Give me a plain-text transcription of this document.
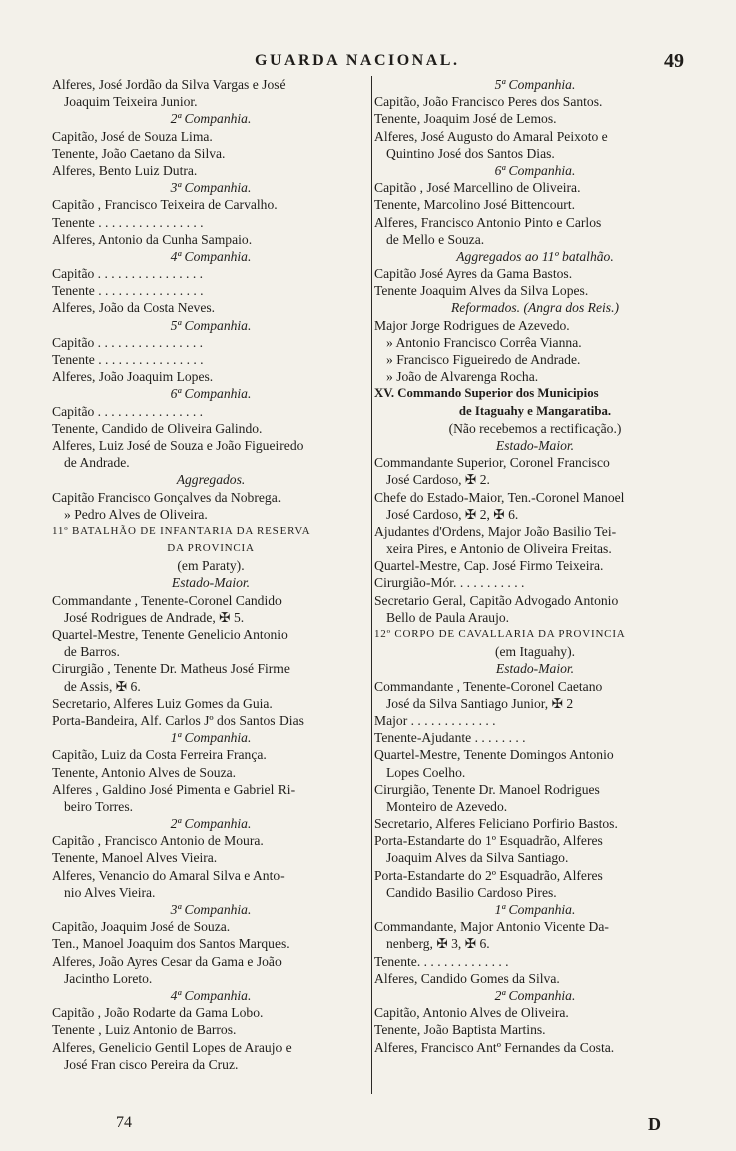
GUARDA NACIONAL.	49
Alferes, José Jordão da Silva Vargas e José
Joaquim Teixeira Junior.
2ª Companhia.
Capitão, José de Souza Lima.
Tenente, João Caetano da Silva.
Alferes, Bento Luiz Dutra.
3ª Companhia.
Capitão , Francisco Teixeira de Carvalho.
Tenente . . . . . . . . . . . . . . . .
Alferes, Antonio da Cunha Sampaio.
4ª Companhia.
Capitão . . . . . . . . . . . . . . . .
Tenente . . . . . . . . . . . . . . . .
Alferes, João da Costa Neves.
5ª Companhia.
Capitão . . . . . . . . . . . . . . . .
Tenente . . . . . . . . . . . . . . . .
Alferes, João Joaquim Lopes.
6ª Companhia.
Capitão . . . . . . . . . . . . . . . .
Tenente, Candido de Oliveira Galindo.
Alferes, Luiz José de Souza e João Figueiredo
de Andrade.
Aggregados.
Capitão Francisco Gonçalves da Nobrega.
» Pedro Alves de Oliveira.
11º BATALHÃO DE INFANTARIA DA RESERVA
DA PROVINCIA
(em Paraty).
Estado-Maior.
Commandante , Tenente-Coronel Candido
José Rodrigues de Andrade, ✠ 5.
Quartel-Mestre, Tenente Genelicio Antonio
de Barros.
Cirurgião , Tenente Dr. Matheus José Firme
de Assis, ✠ 6.
Secretario, Alferes Luiz Gomes da Guia.
Porta-Bandeira, Alf. Carlos Jº dos Santos Dias
1ª Companhia.
Capitão, Luiz da Costa Ferreira França.
Tenente, Antonio Alves de Souza.
Alferes , Galdino José Pimenta e Gabriel Ri-
beiro Torres.
2ª Companhia.
Capitão , Francisco Antonio de Moura.
Tenente, Manoel Alves Vieira.
Alferes, Venancio do Amaral Silva e Anto-
nio Alves Vieira.
3ª Companhia.
Capitão, Joaquim José de Souza.
Ten., Manoel Joaquim dos Santos Marques.
Alferes, João Ayres Cesar da Gama e João
Jacintho Loreto.
4ª Companhia.
Capitão , João Rodarte da Gama Lobo.
Tenente , Luiz Antonio de Barros.
Alferes, Genelicio Gentil Lopes de Araujo e
José Fran cisco Pereira da Cruz.
5ª Companhia.
Capitão, João Francisco Peres dos Santos.
Tenente, Joaquim José de Lemos.
Alferes, José Augusto do Amaral Peixoto e
Quintino José dos Santos Dias.
6ª Companhia.
Capitão , José Marcellino de Oliveira.
Tenente, Marcolino José Bittencourt.
Alferes, Francisco Antonio Pinto e Carlos
de Mello e Souza.
Aggregados ao 11º batalhão.
Capitão José Ayres da Gama Bastos.
Tenente Joaquim Alves da Silva Lopes.
Reformados. (Angra dos Reis.)
Major Jorge Rodrigues de Azevedo.
» Antonio Francisco Corrêa Vianna.
» Francisco Figueiredo de Andrade.
» João de Alvarenga Rocha.
XV. Commando Superior dos Municipios
de Itaguahy e Mangaratiba.
(Não recebemos a rectificação.)
Estado-Maior.
Commandante Superior, Coronel Francisco
José Cardoso, ✠ 2.
Chefe do Estado-Maior, Ten.-Coronel Manoel
José Cardoso, ✠ 2, ✠ 6.
Ajudantes d'Ordens, Major João Basilio Tei-
xeira Pires, e Antonio de Oliveira Freitas.
Quartel-Mestre, Cap. José Firmo Teixeira.
Cirurgião-Mór. . . . . . . . . . .
Secretario Geral, Capitão Advogado Antonio
Bello de Paula Araujo.
12º CORPO DE CAVALLARIA DA PROVINCIA
(em Itaguahy).
Estado-Maior.
Commandante , Tenente-Coronel Caetano
José da Silva Santiago Junior, ✠ 2
Major . . . . . . . . . . . . .
Tenente-Ajudante . . . . . . . .
Quartel-Mestre, Tenente Domingos Antonio
Lopes Coelho.
Cirurgião, Tenente Dr. Manoel Rodrigues
Monteiro de Azevedo.
Secretario, Alferes Feliciano Porfirio Bastos.
Porta-Estandarte do 1º Esquadrão, Alferes
Joaquim Alves da Silva Santiago.
Porta-Estandarte do 2º Esquadrão, Alferes
Candido Basilio Cardoso Pires.
1ª Companhia.
Commandante, Major Antonio Vicente Da-
nenberg, ✠ 3, ✠ 6.
Tenente. . . . . . . . . . . . . .
Alferes, Candido Gomes da Silva.
2ª Companhia.
Capitão, Antonio Alves de Oliveira.
Tenente, João Baptista Martins.
Alferes, Francisco Antº Fernandes da Costa.
74	D
